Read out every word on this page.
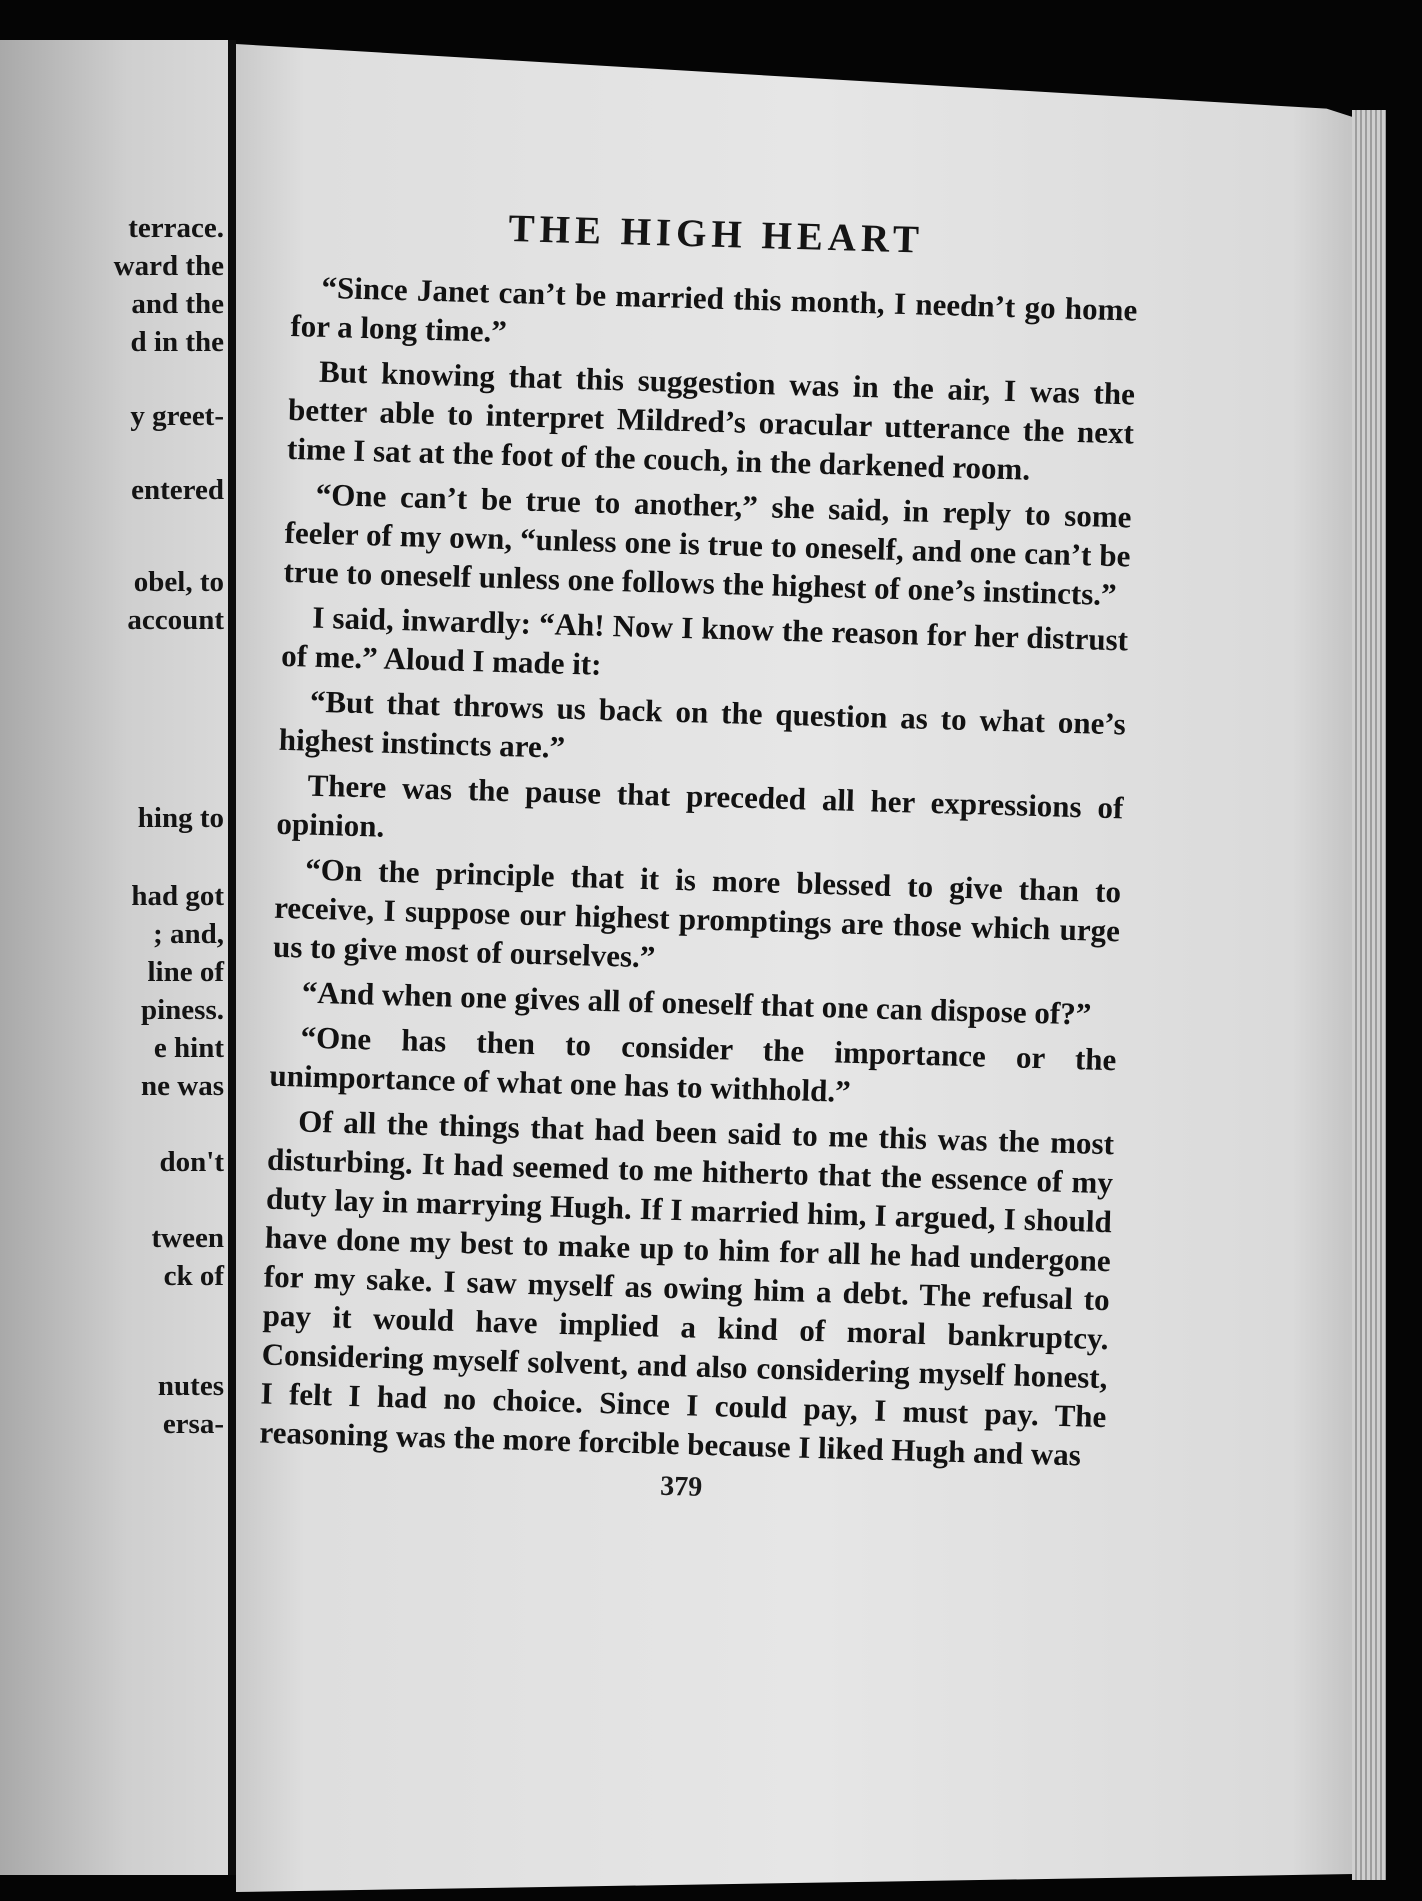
terrace.

ward the

and the

d in the

y greet-

entered

obel, to

account

hing to

had got

; and,

line of

piness.

e hint

ne was

don't

tween

ck of

nutes

ersa-

THE HIGH HEART

“Since Janet can’t be married this month, I needn’t go home for a long time.”

But knowing that this suggestion was in the air, I was the better able to interpret Mildred’s oracular utterance the next time I sat at the foot of the couch, in the darkened room.

“One can’t be true to another,” she said, in reply to some feeler of my own, “unless one is true to oneself, and one can’t be true to oneself unless one follows the highest of one’s instincts.”

I said, inwardly: “Ah! Now I know the reason for her distrust of me.” Aloud I made it:

“But that throws us back on the question as to what one’s highest instincts are.”

There was the pause that preceded all her expressions of opinion.

“On the principle that it is more blessed to give than to receive, I suppose our highest promptings are those which urge us to give most of ourselves.”

“And when one gives all of oneself that one can dispose of?”

“One has then to consider the importance or the unimportance of what one has to withhold.”

Of all the things that had been said to me this was the most disturbing. It had seemed to me hitherto that the essence of my duty lay in marrying Hugh. If I married him, I argued, I should have done my best to make up to him for all he had undergone for my sake. I saw myself as owing him a debt. The refusal to pay it would have implied a kind of moral bankruptcy. Considering myself solvent, and also considering myself honest, I felt I had no choice. Since I could pay, I must pay. The reasoning was the more forcible because I liked Hugh and was

379
